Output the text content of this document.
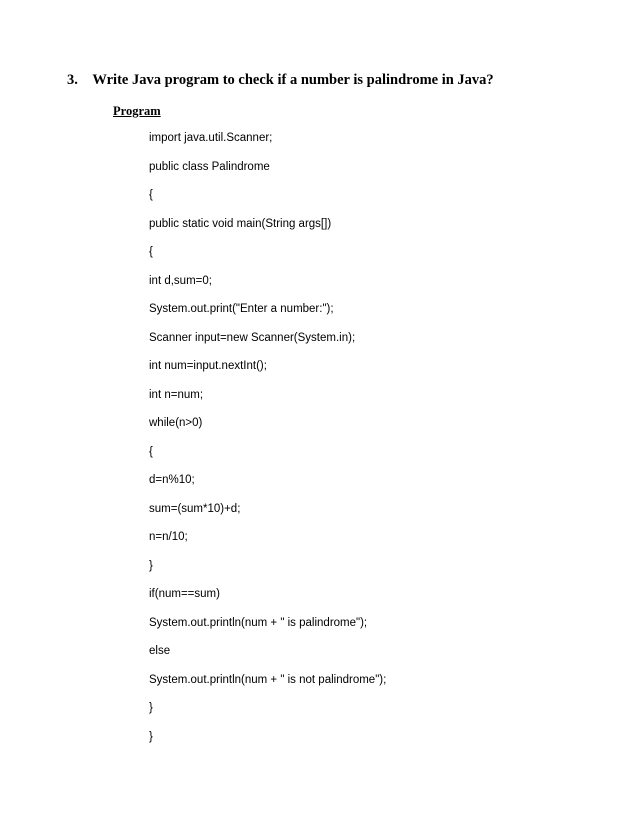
3. Write Java program to check if a number is palindrome in Java?
Program
import java.util.Scanner;
public class Palindrome
{
public static void main(String args[])
{
int d,sum=0;
System.out.print("Enter a number:");
Scanner input=new Scanner(System.in);
int num=input.nextInt();
int n=num;
while(n>0)
{
d=n%10;
sum=(sum*10)+d;
n=n/10;
}
if(num==sum)
System.out.println(num + " is palindrome");
else
System.out.println(num + " is not palindrome");
}
}
